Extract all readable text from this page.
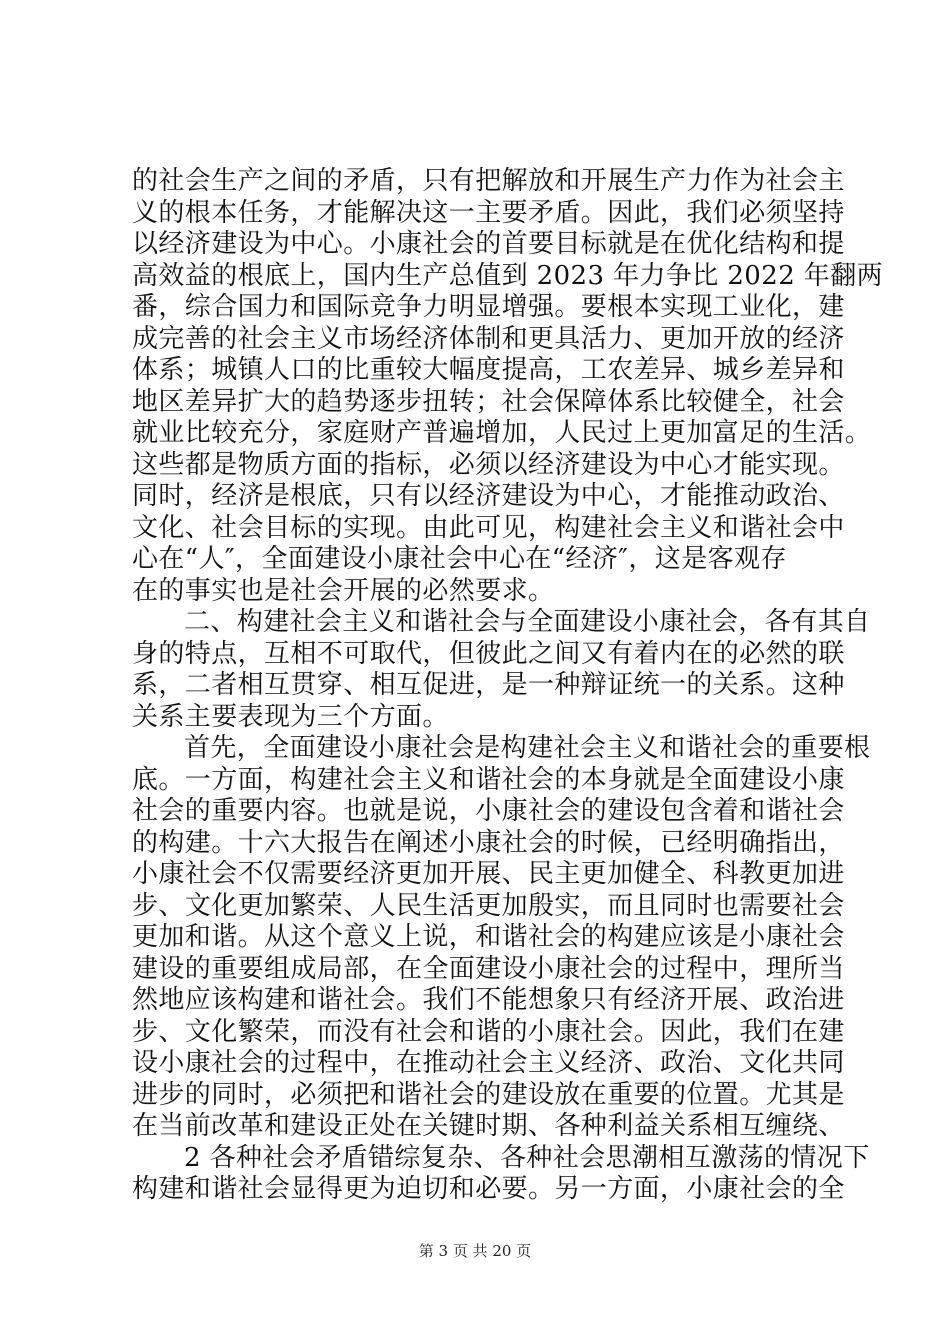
的社会生产之间的矛盾，只有把解放和开展生产力作为社会主
义的根本任务，才能解决这一主要矛盾。因此，我们必须坚持
以经济建设为中心。小康社会的首要目标就是在优化结构和提
高效益的根底上，国内生产总值到 2023 年力争比 2022 年翻两
番，综合国力和国际竞争力明显增强。要根本实现工业化，建
成完善的社会主义市场经济体制和更具活力、更加开放的经济
体系；城镇人口的比重较大幅度提高，工农差异、城乡差异和
地区差异扩大的趋势逐步扭转；社会保障体系比较健全，社会
就业比较充分，家庭财产普遍增加，人民过上更加富足的生活。
这些都是物质方面的指标，必须以经济建设为中心才能实现。
同时，经济是根底，只有以经济建设为中心，才能推动政治、
文化、社会目标的实现。由此可见，构建社会主义和谐社会中
心在“人″，全面建设小康社会中心在“经济″，这是客观存
在的事实也是社会开展的必然要求。
二、构建社会主义和谐社会与全面建设小康社会，各有其自
身的特点，互相不可取代，但彼此之间又有着内在的必然的联
系，二者相互贯穿、相互促进，是一种辩证统一的关系。这种
关系主要表现为三个方面。
首先，全面建设小康社会是构建社会主义和谐社会的重要根
底。一方面，构建社会主义和谐社会的本身就是全面建设小康
社会的重要内容。也就是说，小康社会的建设包含着和谐社会
的构建。十六大报告在阐述小康社会的时候，已经明确指出，
小康社会不仅需要经济更加开展、民主更加健全、科教更加进
步、文化更加繁荣、人民生活更加殷实，而且同时也需要社会
更加和谐。从这个意义上说，和谐社会的构建应该是小康社会
建设的重要组成局部，在全面建设小康社会的过程中，理所当
然地应该构建和谐社会。我们不能想象只有经济开展、政治进
步、文化繁荣，而没有社会和谐的小康社会。因此，我们在建
设小康社会的过程中，在推动社会主义经济、政治、文化共同
进步的同时，必须把和谐社会的建设放在重要的位置。尤其是
在当前改革和建设正处在关键时期、各种利益关系相互缠绕、
2 各种社会矛盾错综复杂、各种社会思潮相互激荡的情况下
构建和谐社会显得更为迫切和必要。另一方面，小康社会的全
第 3 页 共 20 页
